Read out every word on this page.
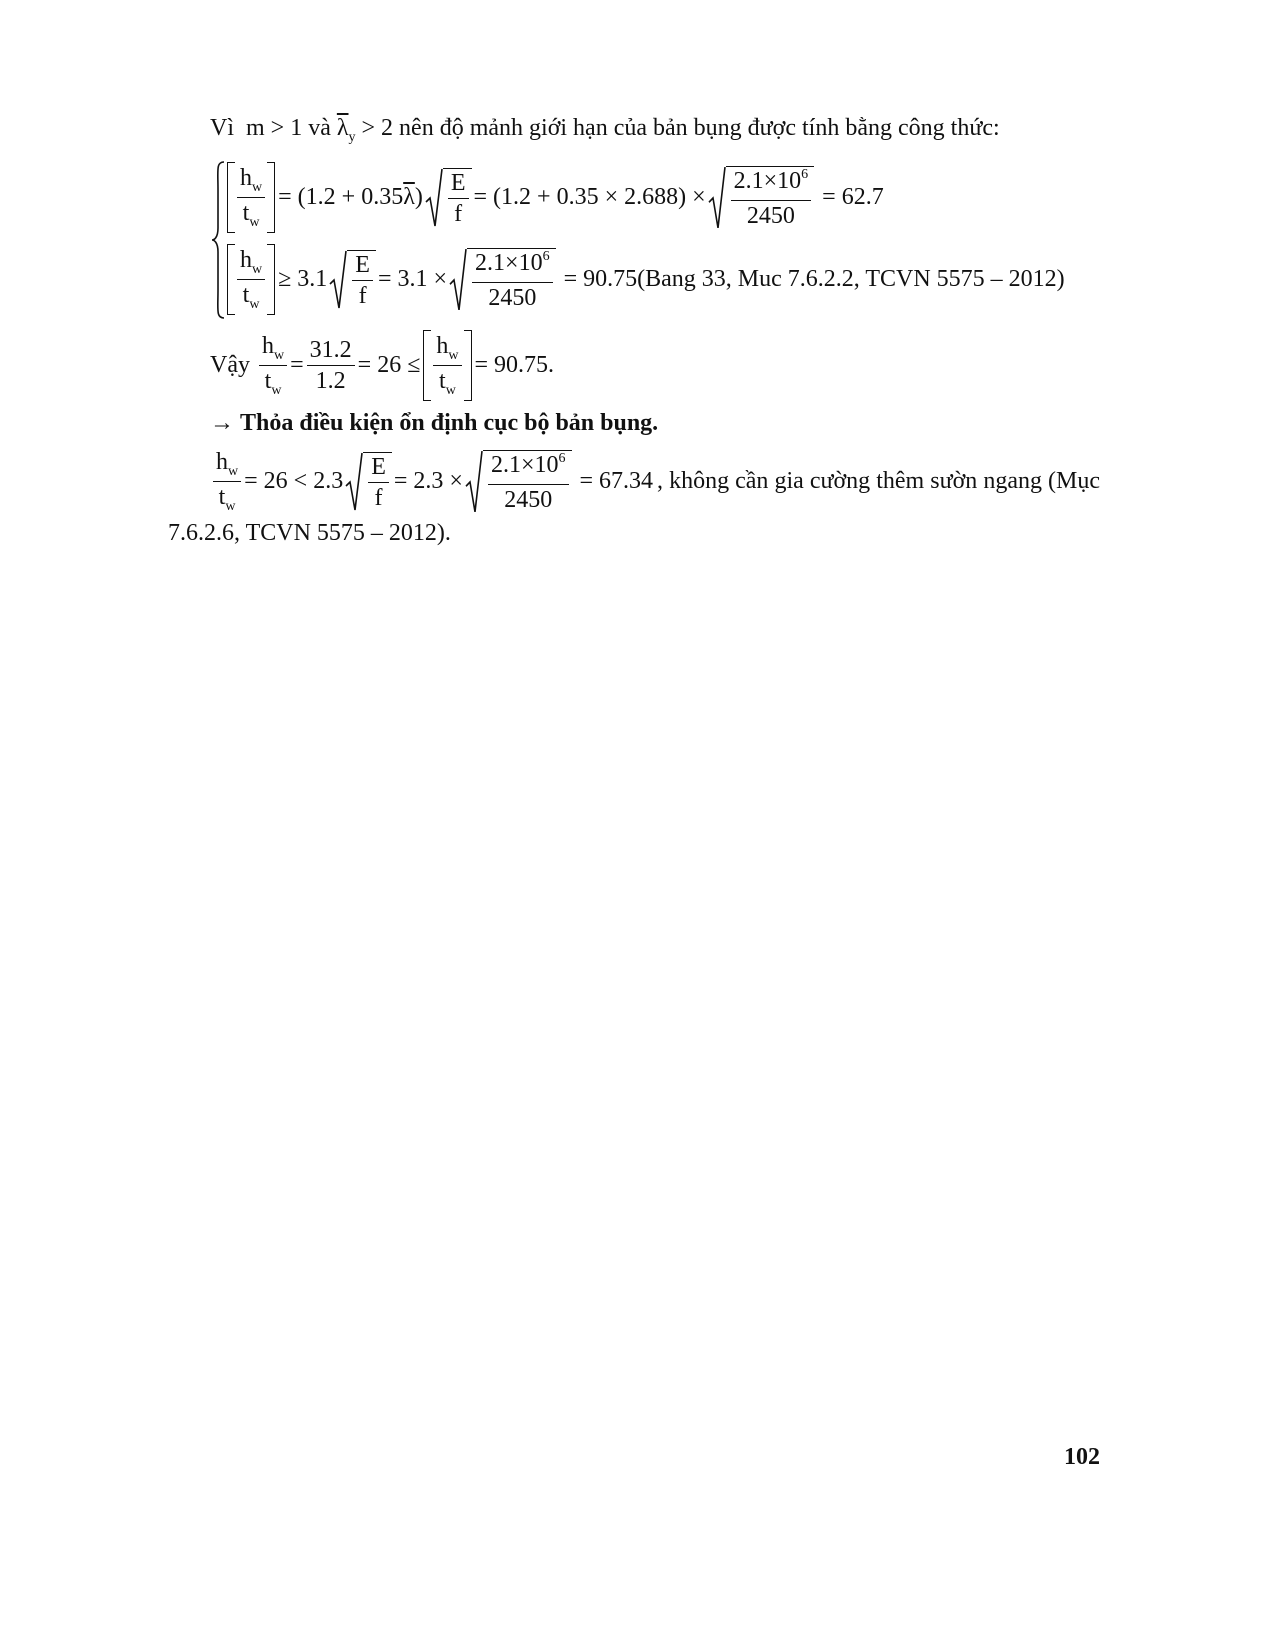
Vì
m > 1
và
$\overline{\lambda}_y$
> 2
nên độ mảnh giới hạn của bản bụng được tính bằng công thức:
$\frac{h_w}{t_w} = (1.2 + 0.35$ $\overline{\lambda}$ ) $\frac{E}{f} = (1.2 + 0.35 \times 2.688) \times \frac{2.1\times 10^6}{2450}$
= 62.7
$\frac{h_w}{t_w} \ge 3.1 \frac{E}{f} = 3.1 \times \frac{2.1\times 10^6}{2450}$
= 90.75(Bang 33, Muc 7.6.2.2, TCVN 5575 – 2012)
Vậy
$\frac{h_w}{t_w} = \frac{31.2}{1.2} = 26 \le \frac{h_w}{t_w} = 90.75$.
→
Thỏa điều kiện ổn định cục bộ bản bụng.
$\frac{h_w}{t_w} = 26 < 2.3 \frac{E}{f} = 2.3 \times \frac{2.1\times 10^6}{2450}$
= 67.34 , không cần gia cường thêm sườn ngang (Mục
7.6.2.6, TCVN 5575 – 2012).
102
